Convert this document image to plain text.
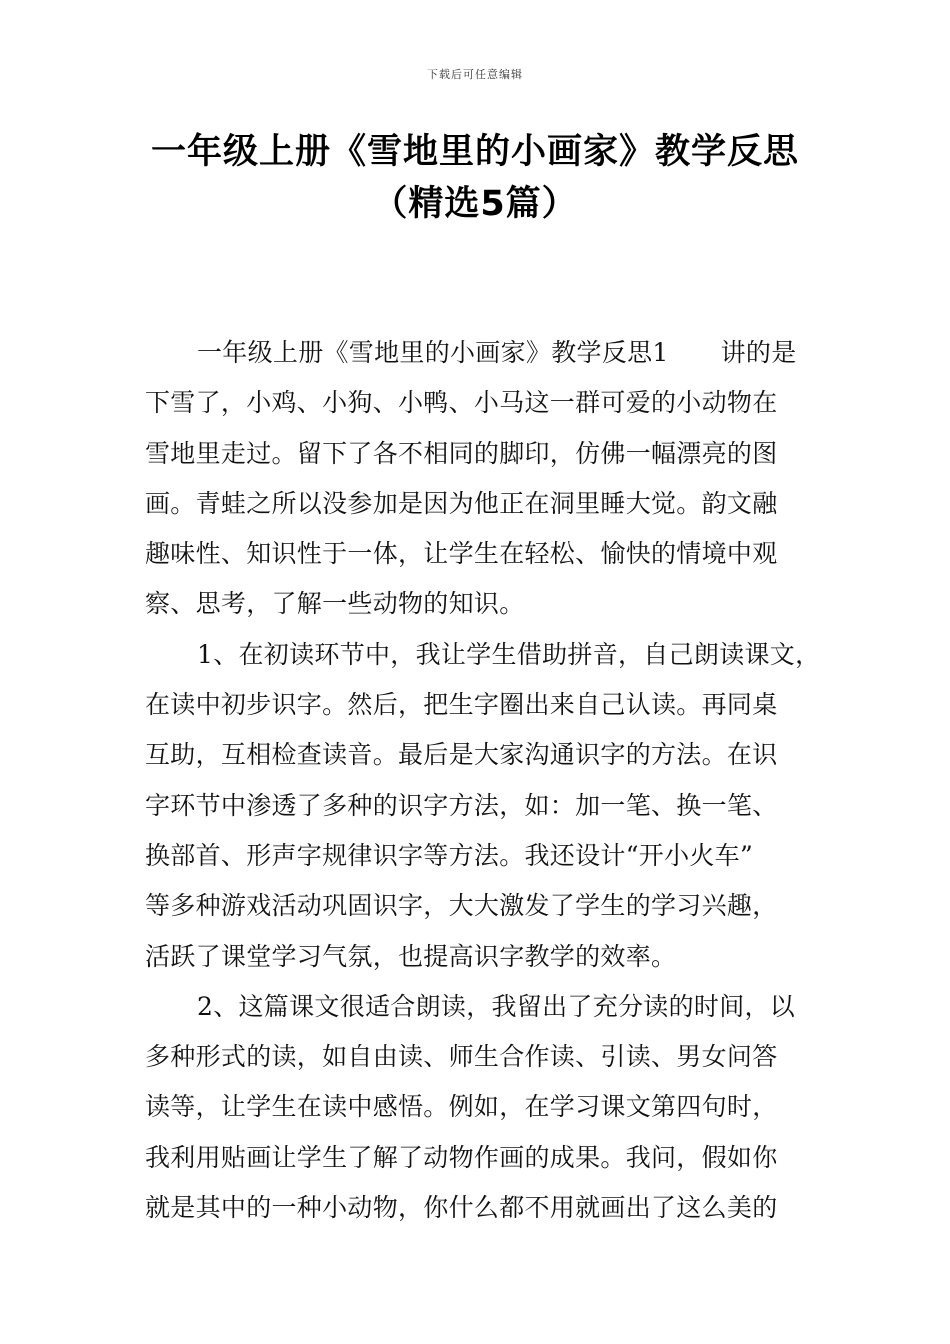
下载后可任意编辑
一年级上册《雪地里的小画家》教学反思
（精选5篇）
一年级上册《雪地里的小画家》教学反思1 讲的是
下雪了，小鸡、小狗、小鸭、小马这一群可爱的小动物在
雪地里走过。留下了各不相同的脚印，仿佛一幅漂亮的图
画。青蛙之所以没参加是因为他正在洞里睡大觉。韵文融
趣味性、知识性于一体，让学生在轻松、愉快的情境中观
察、思考，了解一些动物的知识。
1、在初读环节中，我让学生借助拼音，自己朗读课文，
在读中初步识字。然后，把生字圈出来自己认读。再同桌
互助，互相检查读音。最后是大家沟通识字的方法。在识
字环节中渗透了多种的识字方法，如：加一笔、换一笔、
换部首、形声字规律识字等方法。我还设计“开小火车”
等多种游戏活动巩固识字，大大激发了学生的学习兴趣，
活跃了课堂学习气氛，也提高识字教学的效率。
2、这篇课文很适合朗读，我留出了充分读的时间，以
多种形式的读，如自由读、师生合作读、引读、男女问答
读等，让学生在读中感悟。例如，在学习课文第四句时，
我利用贴画让学生了解了动物作画的成果。我问，假如你
就是其中的一种小动物，你什么都不用就画出了这么美的
